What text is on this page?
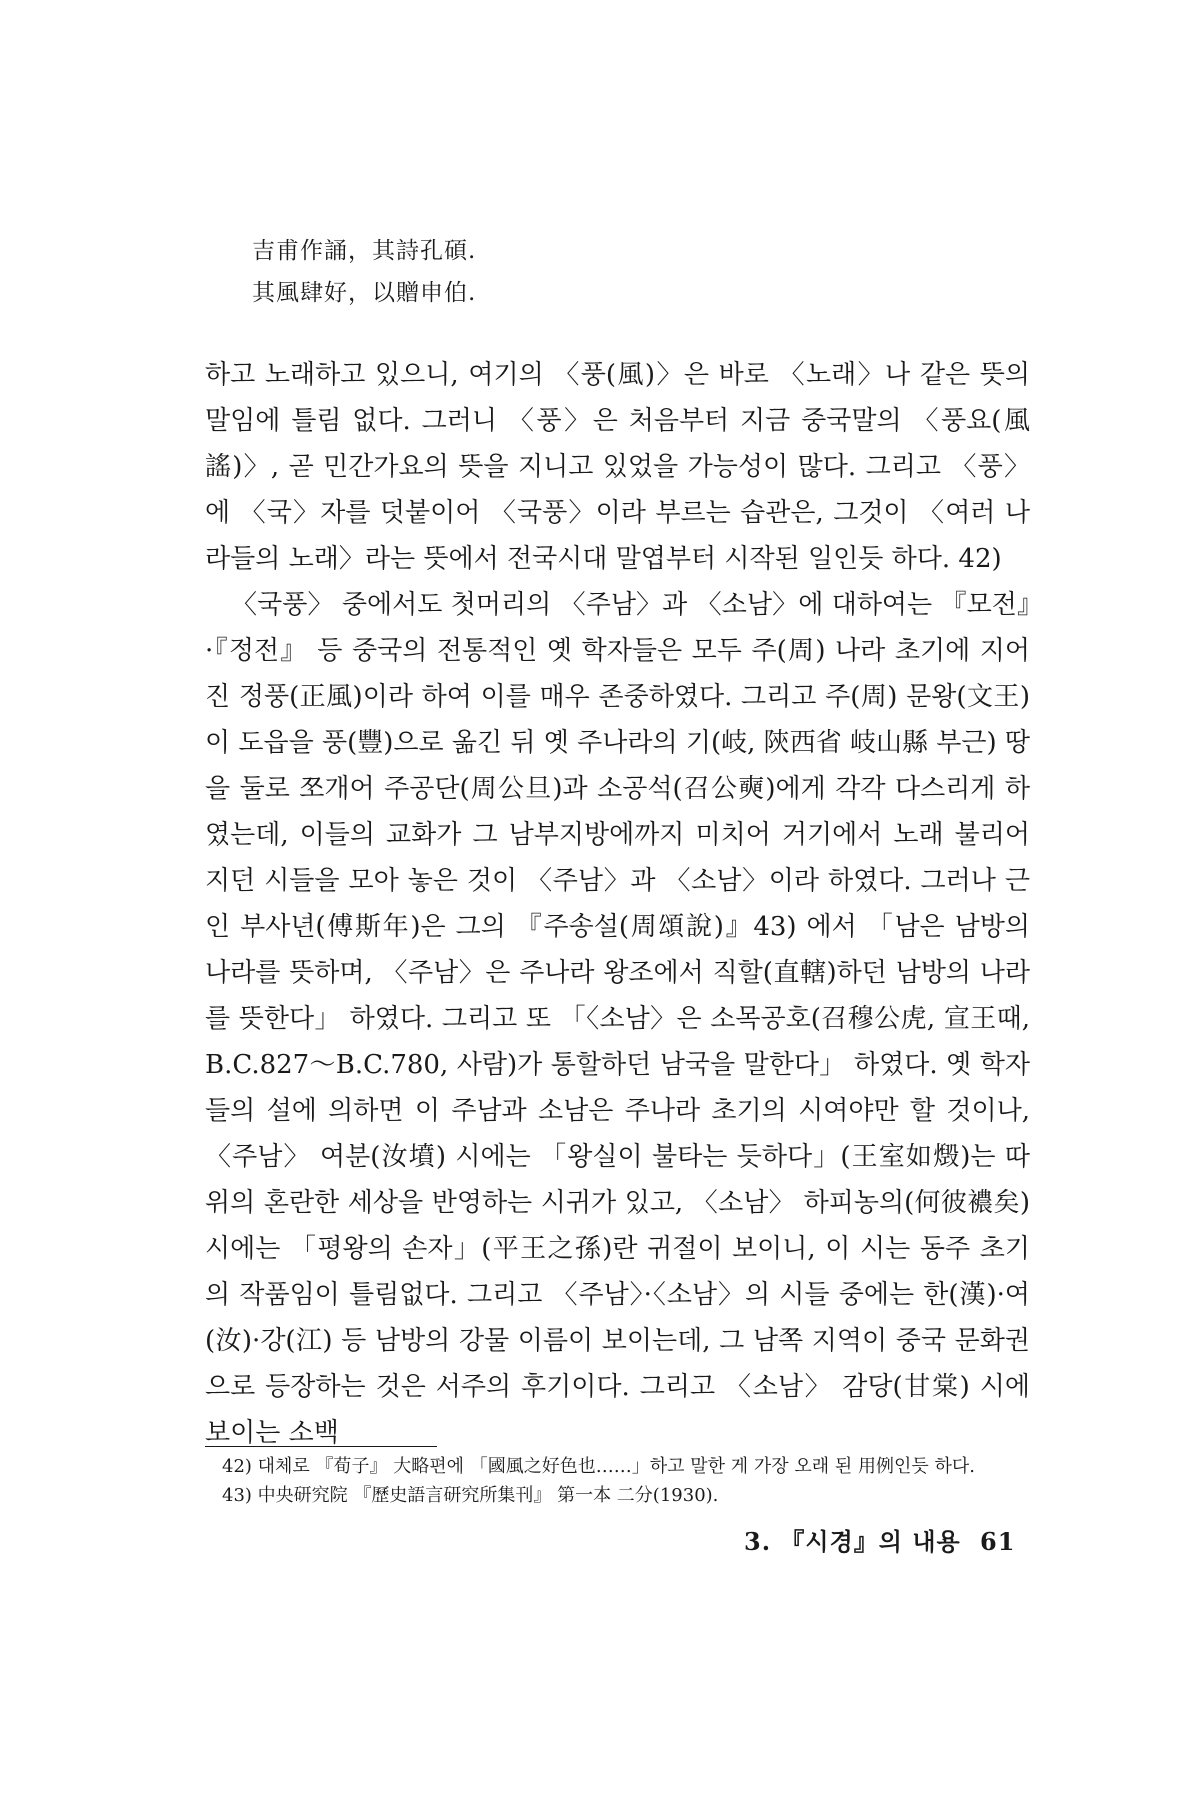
吉甫作誦，其詩孔碩.
其風肆好，以贈申伯.

하고 노래하고 있으니, 여기의 〈풍(風)〉은 바로 〈노래〉나 같은 뜻의 말임에 틀림 없다. 그러니 〈풍〉은 처음부터 지금 중국말의 〈풍요(風謠)〉, 곧 민간가요의 뜻을 지니고 있었을 가능성이 많다. 그리고 〈풍〉에 〈국〉자를 덧붙이어 〈국풍〉이라 부르는 습관은, 그것이 〈여러 나라들의 노래〉라는 뜻에서 전국시대 말엽부터 시작된 일인듯 하다. 42)

〈국풍〉 중에서도 첫머리의 〈주남〉과 〈소남〉에 대하여는 『모전』·『정전』 등 중국의 전통적인 옛 학자들은 모두 주(周) 나라 초기에 지어진 정풍(正風)이라 하여 이를 매우 존중하였다. 그리고 주(周) 문왕(文王)이 도읍을 풍(豐)으로 옮긴 뒤 옛 주나라의 기(岐, 陝西省 岐山縣 부근) 땅을 둘로 쪼개어 주공단(周公旦)과 소공석(召公奭)에게 각각 다스리게 하였는데, 이들의 교화가 그 남부지방에까지 미치어 거기에서 노래 불리어지던 시들을 모아 놓은 것이 〈주남〉과 〈소남〉이라 하였다. 그러나 근인 부사년(傅斯年)은 그의 『주송설(周頌說)』43) 에서 「남은 남방의 나라를 뜻하며, 〈주남〉은 주나라 왕조에서 직할(直轄)하던 남방의 나라를 뜻한다」 하였다. 그리고 또 「〈소남〉은 소목공호(召穆公虎, 宣王때, B.C.827～B.C.780, 사람)가 통할하던 남국을 말한다」 하였다. 옛 학자들의 설에 의하면 이 주남과 소남은 주나라 초기의 시여야만 할 것이나, 〈주남〉 여분(汝墳) 시에는 「왕실이 불타는 듯하다」(王室如燬)는 따위의 혼란한 세상을 반영하는 시귀가 있고, 〈소남〉 하피농의(何彼襛矣) 시에는 「평왕의 손자」(平王之孫)란 귀절이 보이니, 이 시는 동주 초기의 작품임이 틀림없다. 그리고 〈주남〉·〈소남〉의 시들 중에는 한(漢)·여(汝)·강(江) 등 남방의 강물 이름이 보이는데, 그 남쪽 지역이 중국 문화권으로 등장하는 것은 서주의 후기이다. 그리고 〈소남〉 감당(甘棠) 시에 보이는 소백

42) 대체로 『荀子』 大略편에 「國風之好色也……」하고 말한 게 가장 오래 된 用例인듯 하다.
43) 中央研究院 『歷史語言研究所集刊』 第一本 二分(1930).
3. 『시경』의 내용 61
